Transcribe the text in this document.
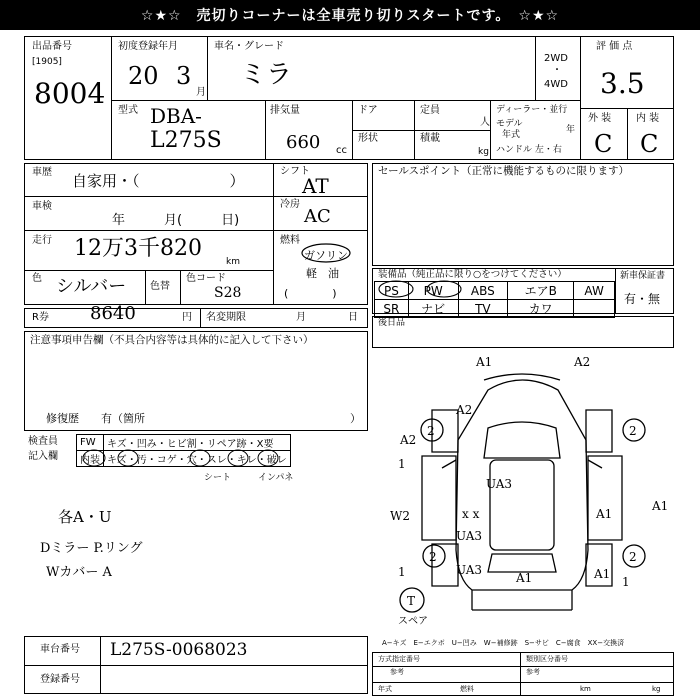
☆★☆　売切りコーナーは全車売り切りスタートです。　☆★☆
出品番号
[1905]
8004
初度登録年月
20 3
月
車名・グレード
ミラ
2WD
・
4WD
評 価 点
3.5
型式 DBA-
L275S
排気量
660 cc
ドア	定員
人
形状	積載
kg
ディーラー・並行
モデル
年式	年
ハンドル 左・右
外 装 内 装
C C
車歴 自家用・（　　　　　　）
車検
年　　　月(　　　日)
走行 12万3千820
km
色 シルバー 色替
色コード
S28
シフト
AT
冷房
AC
燃料
ガソリン
軽　油
(　　　　)
R券 8640	円 名変期限	月	日
注意事項申告欄（不具合内容等は具体的に記入して下さい）
修復歴　　有（箇所	）
検査員
記入欄
FW	キズ・凹み・ヒビ割・リペア跡・X要
内装	キズ・汚・コゲ・穴・スレ・キレ・破レ
シート	インパネ
各A・U
Dミラー P.リング
Wカバー A
車台番号 L275S-0068023
登録番号
セールスポイント（正常に機能するものに限ります）
装備品（純正品に限り○をつけてください）	新車保証書
有・無
PS	PW	ABS	エアB	AW
SR	ナビ	TV	カワ	
後日品
A1	A2
A2
A2
2	2
1
UA3
W2	x x
UA3
A1
1
2	2
A1	A1
T
UA3
A1
1
スペア
A−キズ　E−エクボ　U−凹み　W−補修跡　S−サビ　C−腐食　XX−交換済
方式指定番号
参考
類別区分番号
参考
年式	燃料	km	kg
